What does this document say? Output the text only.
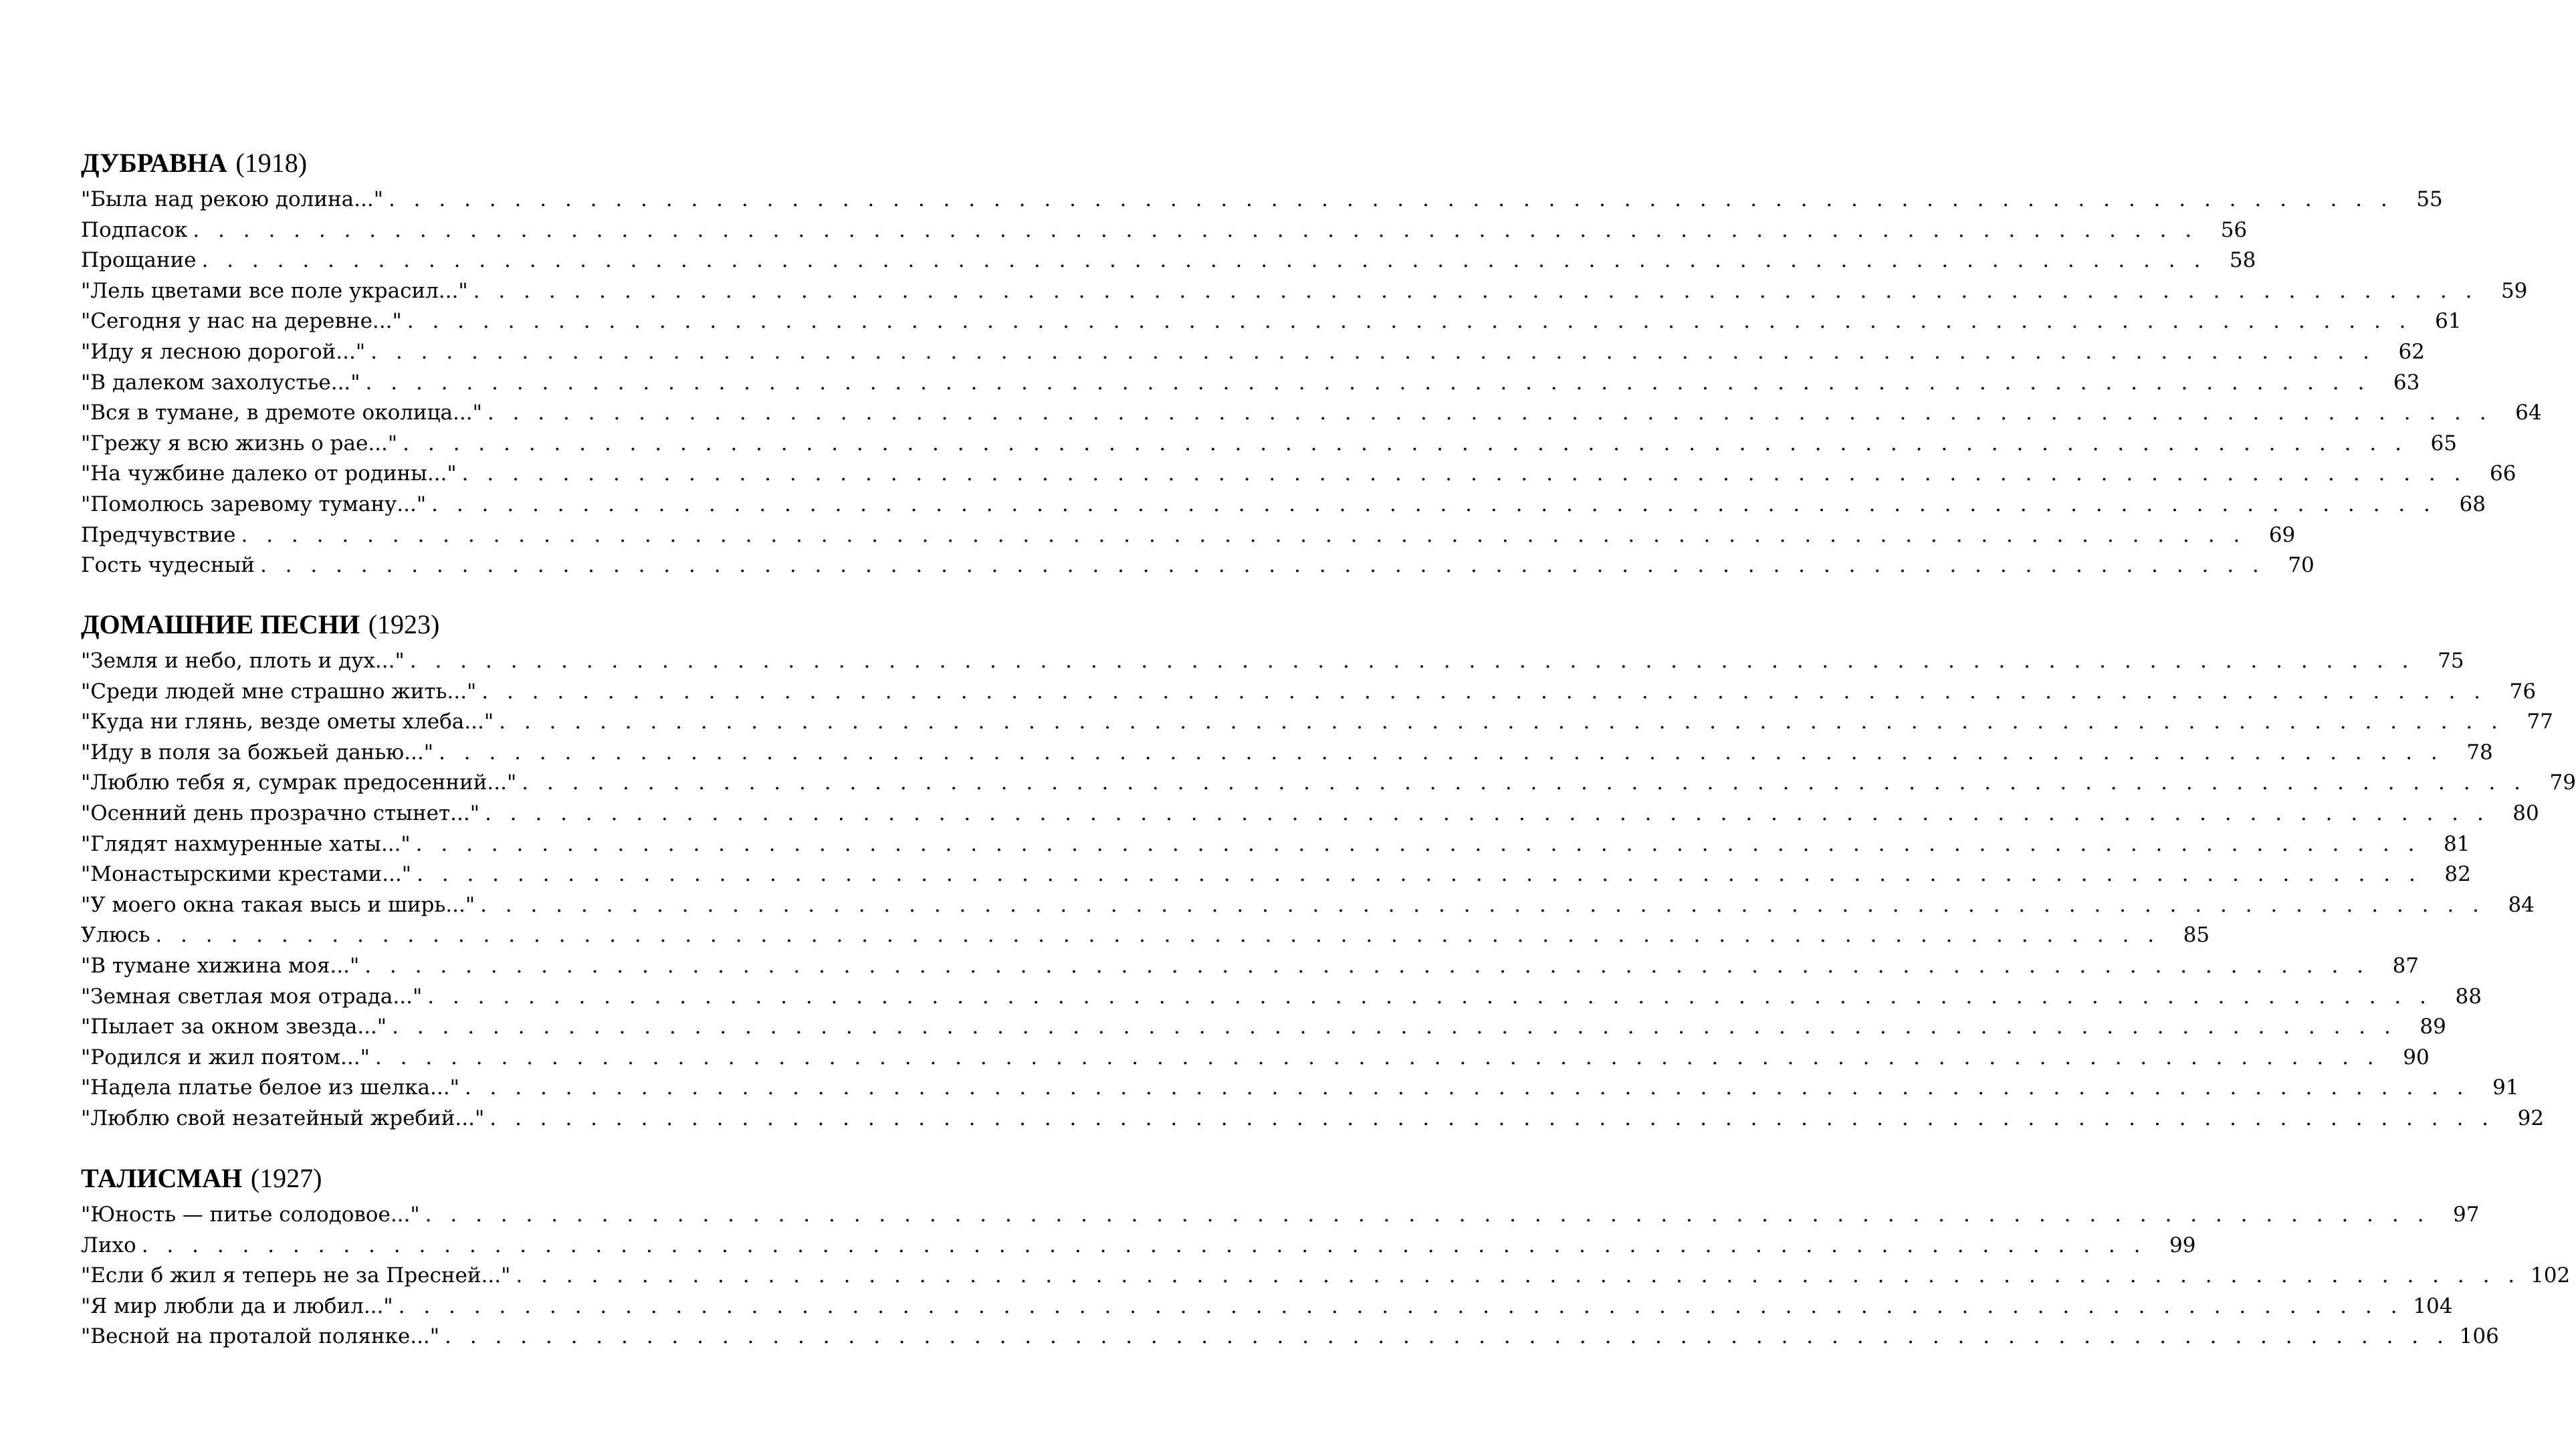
ДУБРАВНА (1918)
"Была над рекою долина..." . . . . . . . . . . . . . . . . . . . . . . . . . . . . . . . . . . . . . . . . . . . . . . . . . . . . . . . . . . . . . . . . . . . . . . . . . . . . . . . .	55
Подпасок . . . . . . . . . . . . . . . . . . . . . . . . . . . . . . . . . . . . . . . . . . . . . . . . . . . . . . . . . . . . . . . . . . . . . . . . . . . . . . . .	56
Прощание . . . . . . . . . . . . . . . . . . . . . . . . . . . . . . . . . . . . . . . . . . . . . . . . . . . . . . . . . . . . . . . . . . . . . . . . . . . . . . . .	58
"Лель цветами все поле украсил..." . . . . . . . . . . . . . . . . . . . . . . . . . . . . . . . . . . . . . . . . . . . . . . . . . . . . . . . . . . . . . . . . . . . . . . . . . . . . . . . .	59
"Сегодня у нас на деревне..." . . . . . . . . . . . . . . . . . . . . . . . . . . . . . . . . . . . . . . . . . . . . . . . . . . . . . . . . . . . . . . . . . . . . . . . . . . . . . . . .	61
"Иду я лесною дорогой..." . . . . . . . . . . . . . . . . . . . . . . . . . . . . . . . . . . . . . . . . . . . . . . . . . . . . . . . . . . . . . . . . . . . . . . . . . . . . . . . .	62
"В далеком захолустье..." . . . . . . . . . . . . . . . . . . . . . . . . . . . . . . . . . . . . . . . . . . . . . . . . . . . . . . . . . . . . . . . . . . . . . . . . . . . . . . . .	63
"Вся в тумане, в дремоте околица..." . . . . . . . . . . . . . . . . . . . . . . . . . . . . . . . . . . . . . . . . . . . . . . . . . . . . . . . . . . . . . . . . . . . . . . . . . . . . . . . .	64
"Грежу я всю жизнь о рае..." . . . . . . . . . . . . . . . . . . . . . . . . . . . . . . . . . . . . . . . . . . . . . . . . . . . . . . . . . . . . . . . . . . . . . . . . . . . . . . . .	65
"На чужбине далеко от родины..." . . . . . . . . . . . . . . . . . . . . . . . . . . . . . . . . . . . . . . . . . . . . . . . . . . . . . . . . . . . . . . . . . . . . . . . . . . . . . . . .	66
"Помолюсь заревому туману..." . . . . . . . . . . . . . . . . . . . . . . . . . . . . . . . . . . . . . . . . . . . . . . . . . . . . . . . . . . . . . . . . . . . . . . . . . . . . . . . .	68
Предчувствие . . . . . . . . . . . . . . . . . . . . . . . . . . . . . . . . . . . . . . . . . . . . . . . . . . . . . . . . . . . . . . . . . . . . . . . . . . . . . . . .	69
Гость чудесный . . . . . . . . . . . . . . . . . . . . . . . . . . . . . . . . . . . . . . . . . . . . . . . . . . . . . . . . . . . . . . . . . . . . . . . . . . . . . . . .	70
ДОМАШНИЕ ПЕСНИ (1923)
"Земля и небо, плоть и дух..." . . . . . . . . . . . . . . . . . . . . . . . . . . . . . . . . . . . . . . . . . . . . . . . . . . . . . . . . . . . . . . . . . . . . . . . . . . . . . . . .	75
"Среди людей мне страшно жить..." . . . . . . . . . . . . . . . . . . . . . . . . . . . . . . . . . . . . . . . . . . . . . . . . . . . . . . . . . . . . . . . . . . . . . . . . . . . . . . . .	76
"Куда ни глянь, везде ометы хлеба..." . . . . . . . . . . . . . . . . . . . . . . . . . . . . . . . . . . . . . . . . . . . . . . . . . . . . . . . . . . . . . . . . . . . . . . . . . . . . . . . .	77
"Иду в поля за божьей данью..." . . . . . . . . . . . . . . . . . . . . . . . . . . . . . . . . . . . . . . . . . . . . . . . . . . . . . . . . . . . . . . . . . . . . . . . . . . . . . . . .	78
"Люблю тебя я, сумрак предосенний..." . . . . . . . . . . . . . . . . . . . . . . . . . . . . . . . . . . . . . . . . . . . . . . . . . . . . . . . . . . . . . . . . . . . . . . . . . . . . . . . .	79
"Осенний день прозрачно стынет..." . . . . . . . . . . . . . . . . . . . . . . . . . . . . . . . . . . . . . . . . . . . . . . . . . . . . . . . . . . . . . . . . . . . . . . . . . . . . . . . .	80
"Глядят нахмуренные хаты..." . . . . . . . . . . . . . . . . . . . . . . . . . . . . . . . . . . . . . . . . . . . . . . . . . . . . . . . . . . . . . . . . . . . . . . . . . . . . . . . .	81
"Монастырскими крестами..." . . . . . . . . . . . . . . . . . . . . . . . . . . . . . . . . . . . . . . . . . . . . . . . . . . . . . . . . . . . . . . . . . . . . . . . . . . . . . . . .	82
"У моего окна такая высь и ширь..." . . . . . . . . . . . . . . . . . . . . . . . . . . . . . . . . . . . . . . . . . . . . . . . . . . . . . . . . . . . . . . . . . . . . . . . . . . . . . . . .	84
Улюсь . . . . . . . . . . . . . . . . . . . . . . . . . . . . . . . . . . . . . . . . . . . . . . . . . . . . . . . . . . . . . . . . . . . . . . . . . . . . . . . .	85
"В тумане хижина моя..." . . . . . . . . . . . . . . . . . . . . . . . . . . . . . . . . . . . . . . . . . . . . . . . . . . . . . . . . . . . . . . . . . . . . . . . . . . . . . . . .	87
"Земная светлая моя отрада..." . . . . . . . . . . . . . . . . . . . . . . . . . . . . . . . . . . . . . . . . . . . . . . . . . . . . . . . . . . . . . . . . . . . . . . . . . . . . . . . .	88
"Пылает за окном звезда..." . . . . . . . . . . . . . . . . . . . . . . . . . . . . . . . . . . . . . . . . . . . . . . . . . . . . . . . . . . . . . . . . . . . . . . . . . . . . . . . .	89
"Родился и жил поятом..." . . . . . . . . . . . . . . . . . . . . . . . . . . . . . . . . . . . . . . . . . . . . . . . . . . . . . . . . . . . . . . . . . . . . . . . . . . . . . . . .	90
"Надела платье белое из шелка..." . . . . . . . . . . . . . . . . . . . . . . . . . . . . . . . . . . . . . . . . . . . . . . . . . . . . . . . . . . . . . . . . . . . . . . . . . . . . . . . .	91
"Люблю свой незатейный жребий..." . . . . . . . . . . . . . . . . . . . . . . . . . . . . . . . . . . . . . . . . . . . . . . . . . . . . . . . . . . . . . . . . . . . . . . . . . . . . . . . .	92
ТАЛИСМАН (1927)
"Юность — питье солодовое..." . . . . . . . . . . . . . . . . . . . . . . . . . . . . . . . . . . . . . . . . . . . . . . . . . . . . . . . . . . . . . . . . . . . . . . . . . . . . . . . .	97
Лихо . . . . . . . . . . . . . . . . . . . . . . . . . . . . . . . . . . . . . . . . . . . . . . . . . . . . . . . . . . . . . . . . . . . . . . . . . . . . . . . .	99
"Если б жил я теперь не за Пресней..." . . . . . . . . . . . . . . . . . . . . . . . . . . . . . . . . . . . . . . . . . . . . . . . . . . . . . . . . . . . . . . . . . . . . . . . . . . . . . . . . 102
"Я мир любли да и любил..." . . . . . . . . . . . . . . . . . . . . . . . . . . . . . . . . . . . . . . . . . . . . . . . . . . . . . . . . . . . . . . . . . . . . . . . . . . . . . . . . 104
"Весной на проталой полянке..." . . . . . . . . . . . . . . . . . . . . . . . . . . . . . . . . . . . . . . . . . . . . . . . . . . . . . . . . . . . . . . . . . . . . . . . . . . . . . . . . 106
